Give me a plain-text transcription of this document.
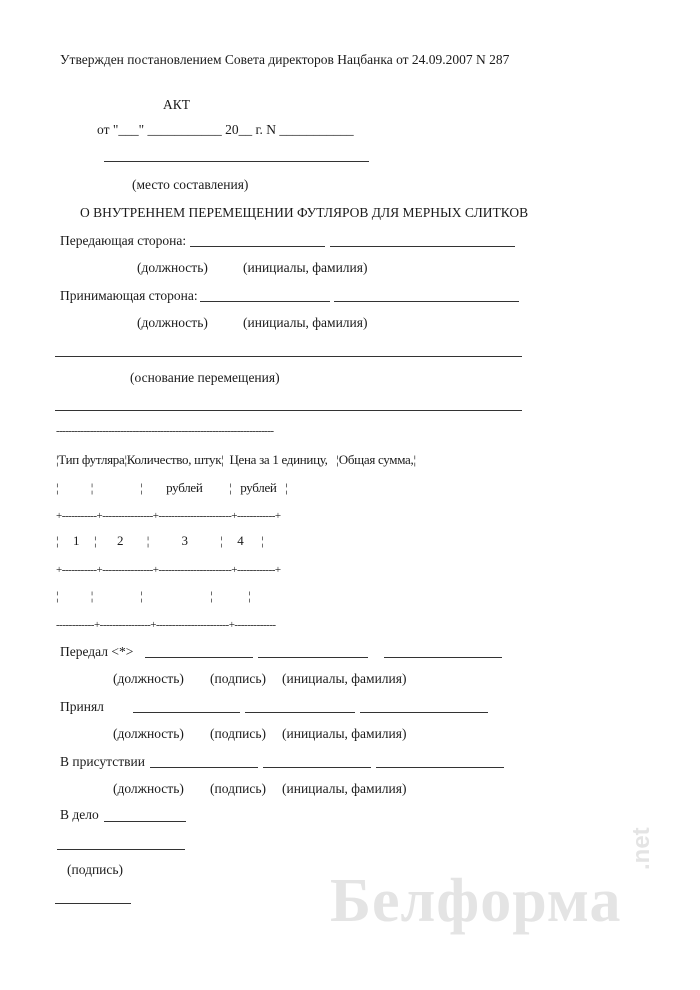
Утвержден постановлением Совета директоров Нацбанка от 24.09.2007 N 287
АКТ
от "___" ___________ 20__ г. N ___________
(место составления)
О ВНУТРЕННЕМ ПЕРЕМЕЩЕНИИ ФУТЛЯРОВ ДЛЯ МЕРНЫХ СЛИТКОВ
Передающая сторона:
(должность)	(инициалы, фамилия)
Принимающая сторона:
(должность)	(инициалы, фамилия)
(основание перемещения)
-----------------------------------------------------------------------
¦Тип футляра¦Количество, штук¦  Цена за 1 единицу,   ¦Общая сумма,¦
¦           ¦                ¦        рублей         ¦   рублей   ¦
+-----------+----------------+-----------------------+------------+
¦     1     ¦       2        ¦           3           ¦     4      ¦
+-----------+----------------+-----------------------+------------+
¦           ¦                ¦                       ¦            ¦
------------+----------------+-----------------------+-------------
Передал <*>
(должность) (подпись) (инициалы, фамилия)
Принял
(должность) (подпись) (инициалы, фамилия)
В присутствии
(должность) (подпись) (инициалы, фамилия)
В дело
(подпись)	Белформа
.net
